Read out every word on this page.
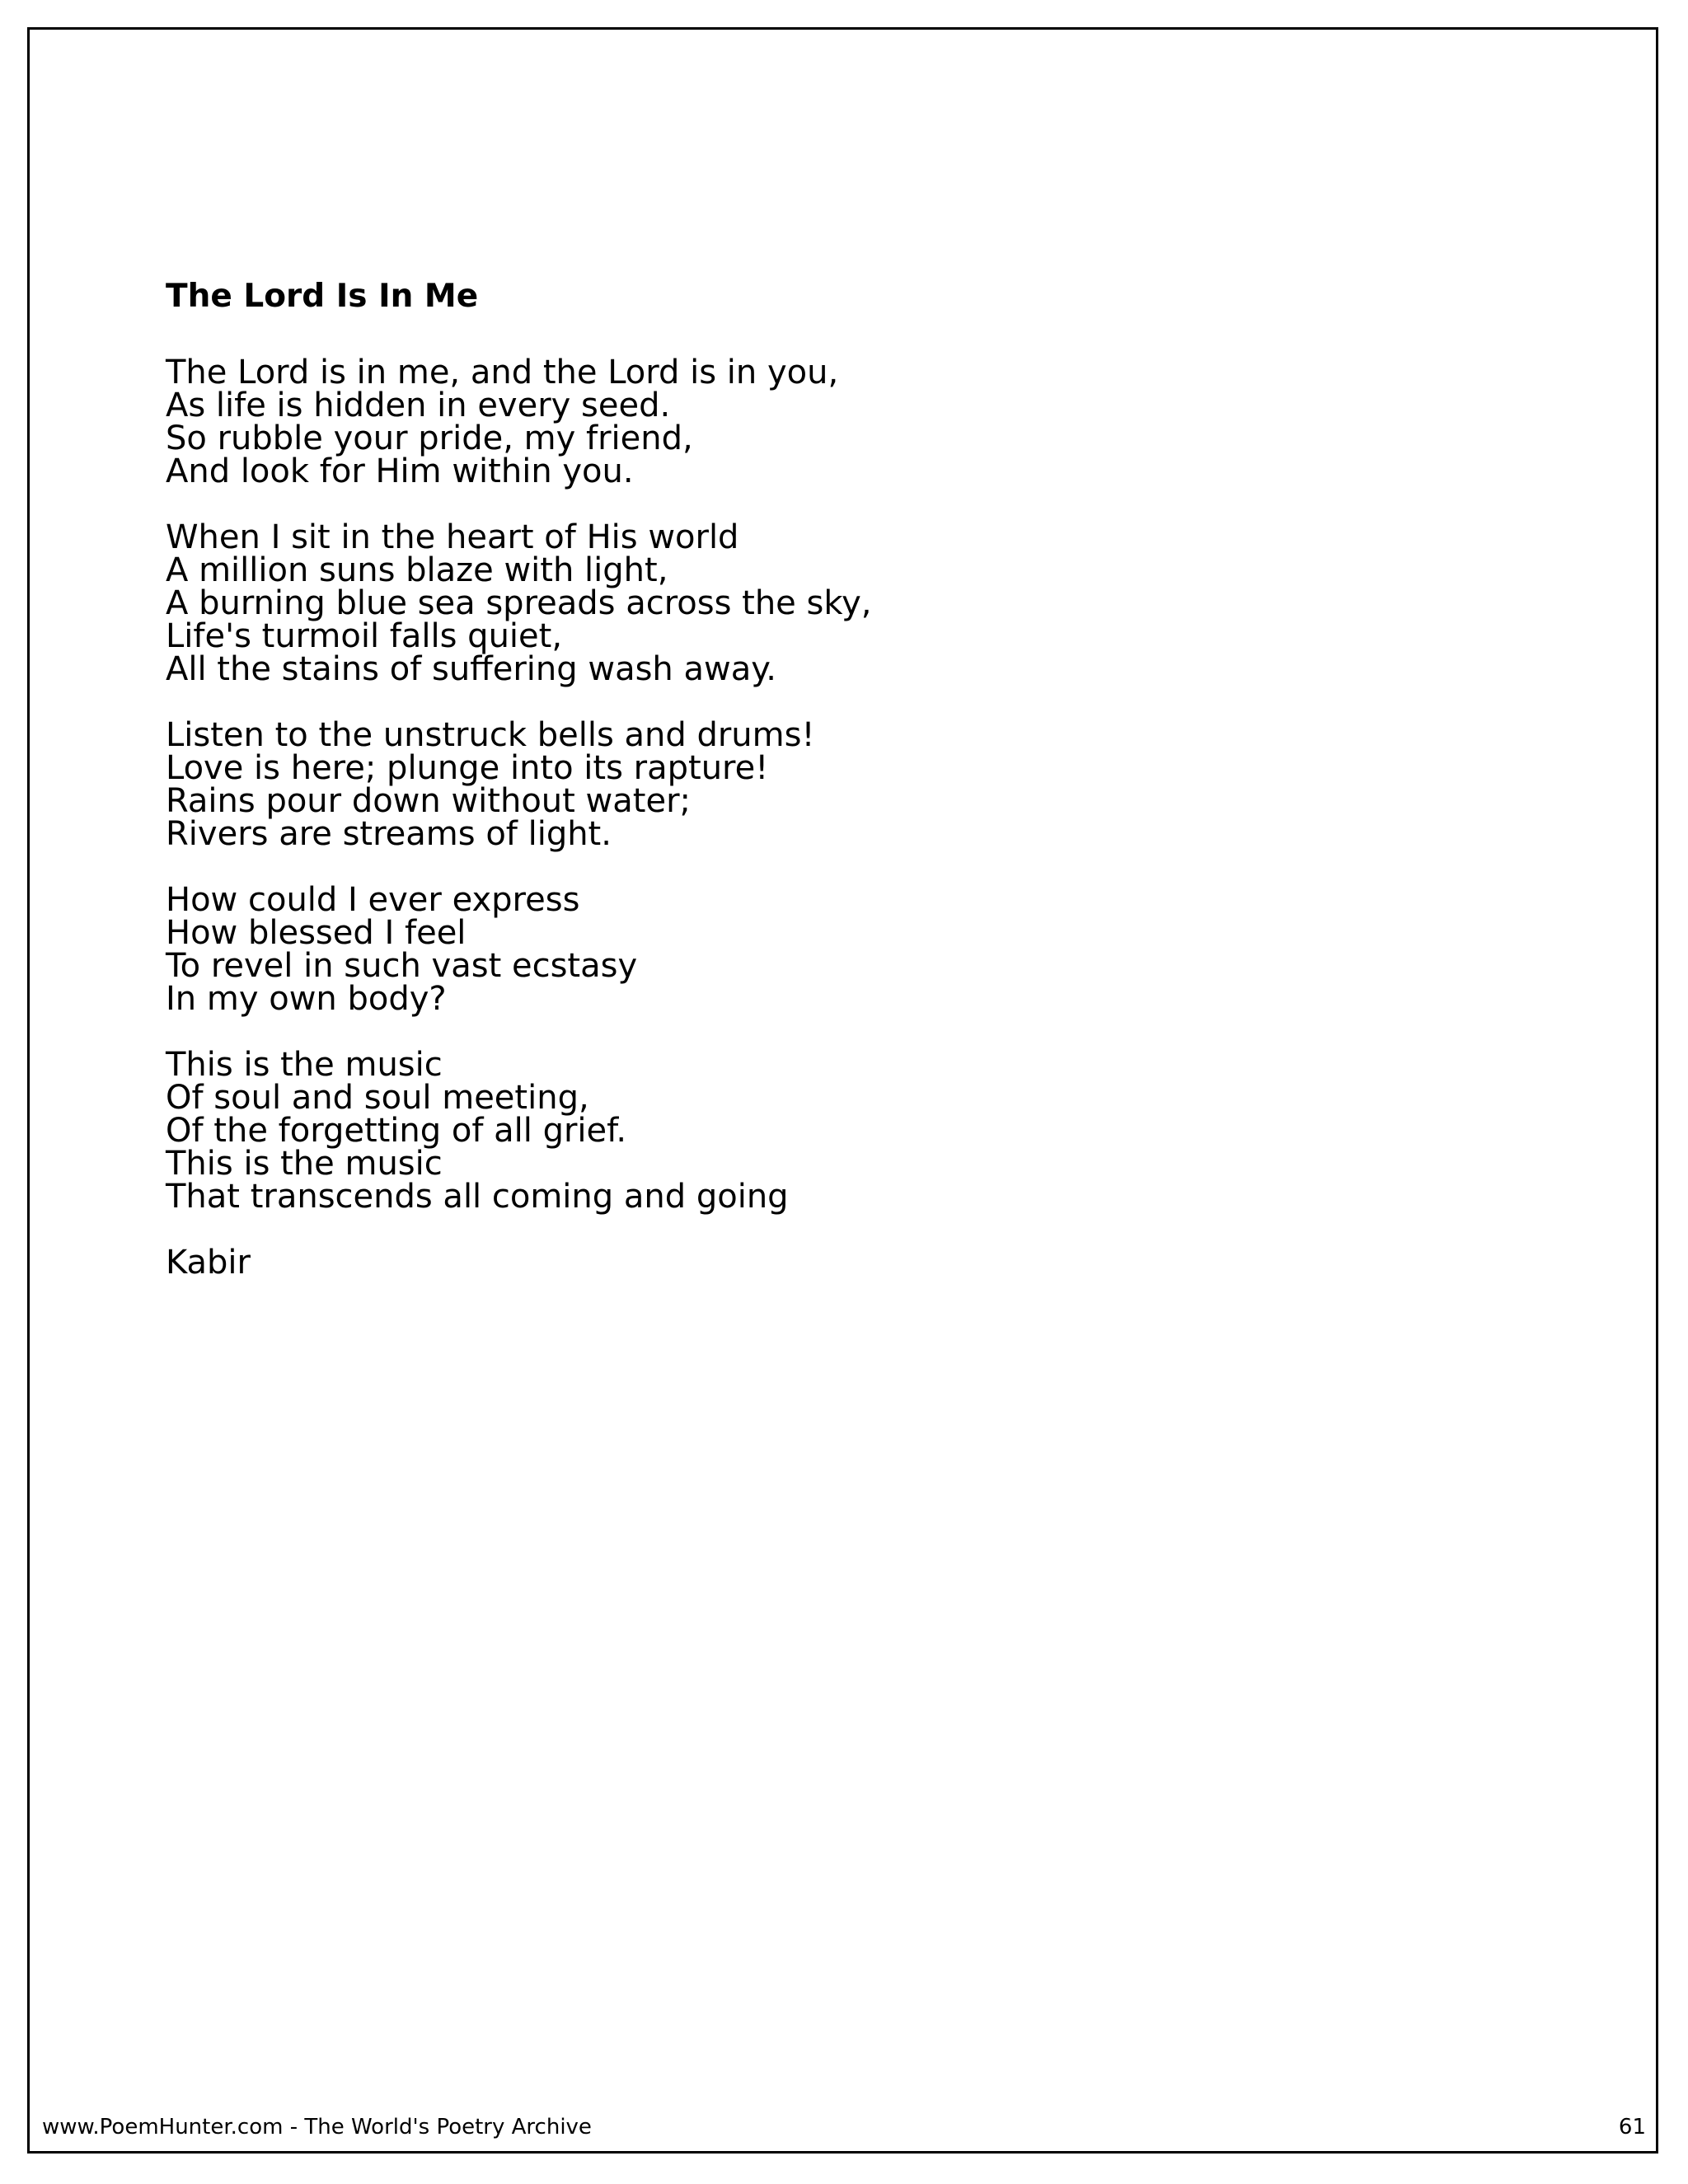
The Lord Is In Me
The Lord is in me, and the Lord is in you,
As life is hidden in every seed.
So rubble your pride, my friend,
And look for Him within you.
When I sit in the heart of His world
A million suns blaze with light,
A burning blue sea spreads across the sky,
Life's turmoil falls quiet,
All the stains of suffering wash away.
Listen to the unstruck bells and drums!
Love is here; plunge into its rapture!
Rains pour down without water;
Rivers are streams of light.
How could I ever express
How blessed I feel
To revel in such vast ecstasy
In my own body?
This is the music
Of soul and soul meeting,
Of the forgetting of all grief.
This is the music
That transcends all coming and going
Kabir
www.PoemHunter.com - The World's Poetry Archive	61
